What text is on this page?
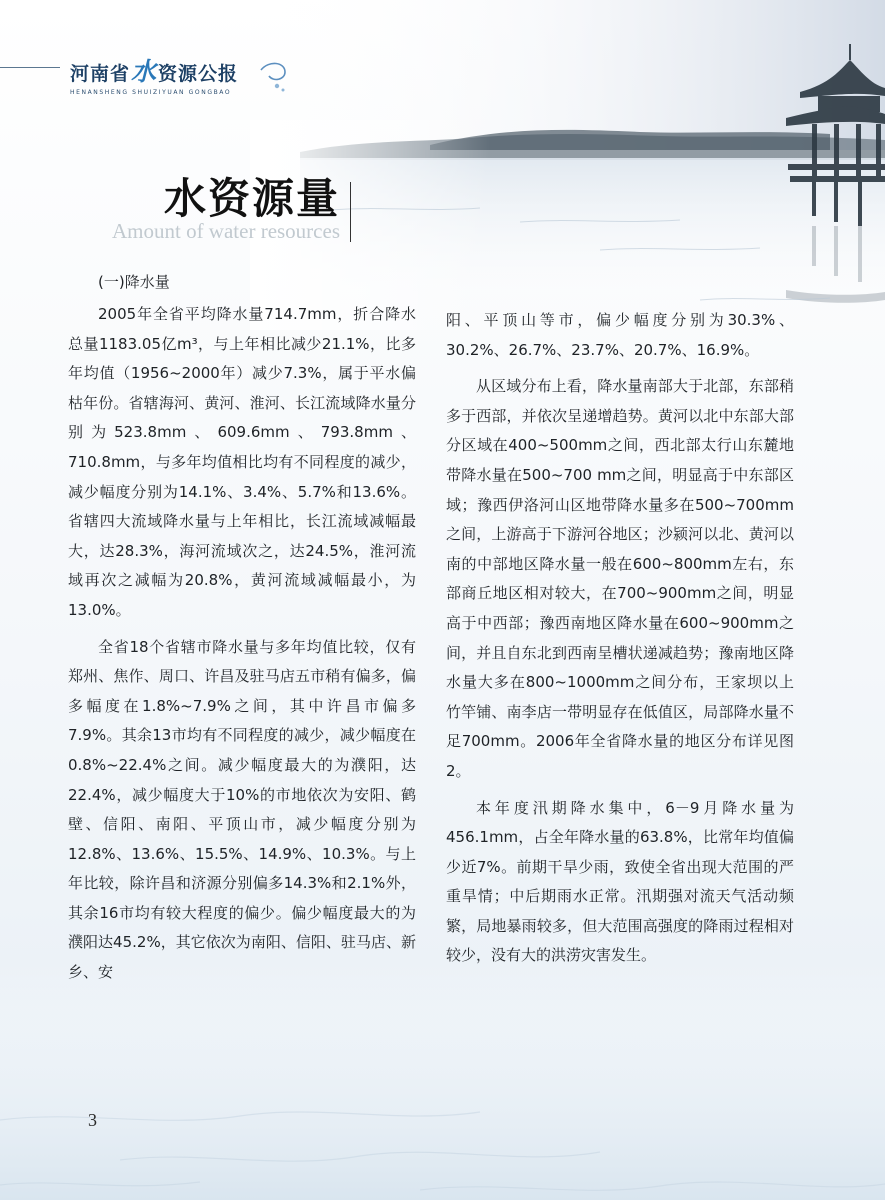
河南省水资源公报
HENANSHENG SHUIZIYUAN GONGBAO
水资源量
Amount of water resources
(一)降水量

2005年全省平均降水量714.7mm，折合降水总量1183.05亿m³，与上年相比减少21.1%，比多年均值（1956~2000年）减少7.3%，属于平水偏枯年份。省辖海河、黄河、淮河、长江流域降水量分别为523.8mm、609.6mm、793.8mm、710.8mm，与多年均值相比均有不同程度的减少，减少幅度分别为14.1%、3.4%、5.7%和13.6%。省辖四大流域降水量与上年相比，长江流域减幅最大，达28.3%，海河流域次之，达24.5%，淮河流域再次之减幅为20.8%，黄河流域减幅最小，为13.0%。

全省18个省辖市降水量与多年均值比较，仅有郑州、焦作、周口、许昌及驻马店五市稍有偏多，偏多幅度在1.8%~7.9%之间，其中许昌市偏多7.9%。其余13市均有不同程度的减少，减少幅度在0.8%~22.4%之间。减少幅度最大的为濮阳，达22.4%，减少幅度大于10%的市地依次为安阳、鹤壁、信阳、南阳、平顶山市，减少幅度分别为12.8%、13.6%、15.5%、14.9%、10.3%。与上年比较，除许昌和济源分别偏多14.3%和2.1%外，其余16市均有较大程度的偏少。偏少幅度最大的为濮阳达45.2%，其它依次为南阳、信阳、驻马店、新乡、安

阳、平顶山等市，偏少幅度分别为30.3%、30.2%、26.7%、23.7%、20.7%、16.9%。

从区域分布上看，降水量南部大于北部，东部稍多于西部，并依次呈递增趋势。黄河以北中东部大部分区域在400~500mm之间，西北部太行山东麓地带降水量在500~700 mm之间，明显高于中东部区域；豫西伊洛河山区地带降水量多在500~700mm之间，上游高于下游河谷地区；沙颍河以北、黄河以南的中部地区降水量一般在600~800mm左右，东部商丘地区相对较大，在700~900mm之间，明显高于中西部；豫西南地区降水量在600~900mm之间，并且自东北到西南呈槽状递减趋势；豫南地区降水量大多在800~1000mm之间分布，王家坝以上竹竿铺、南李店一带明显存在低值区，局部降水量不足700mm。2006年全省降水量的地区分布详见图2。

本年度汛期降水集中，6－9月降水量为456.1mm，占全年降水量的63.8%，比常年均值偏少近7%。前期干旱少雨，致使全省出现大范围的严重旱情；中后期雨水正常。汛期强对流天气活动频繁，局地暴雨较多，但大范围高强度的降雨过程相对较少，没有大的洪涝灾害发生。

3
